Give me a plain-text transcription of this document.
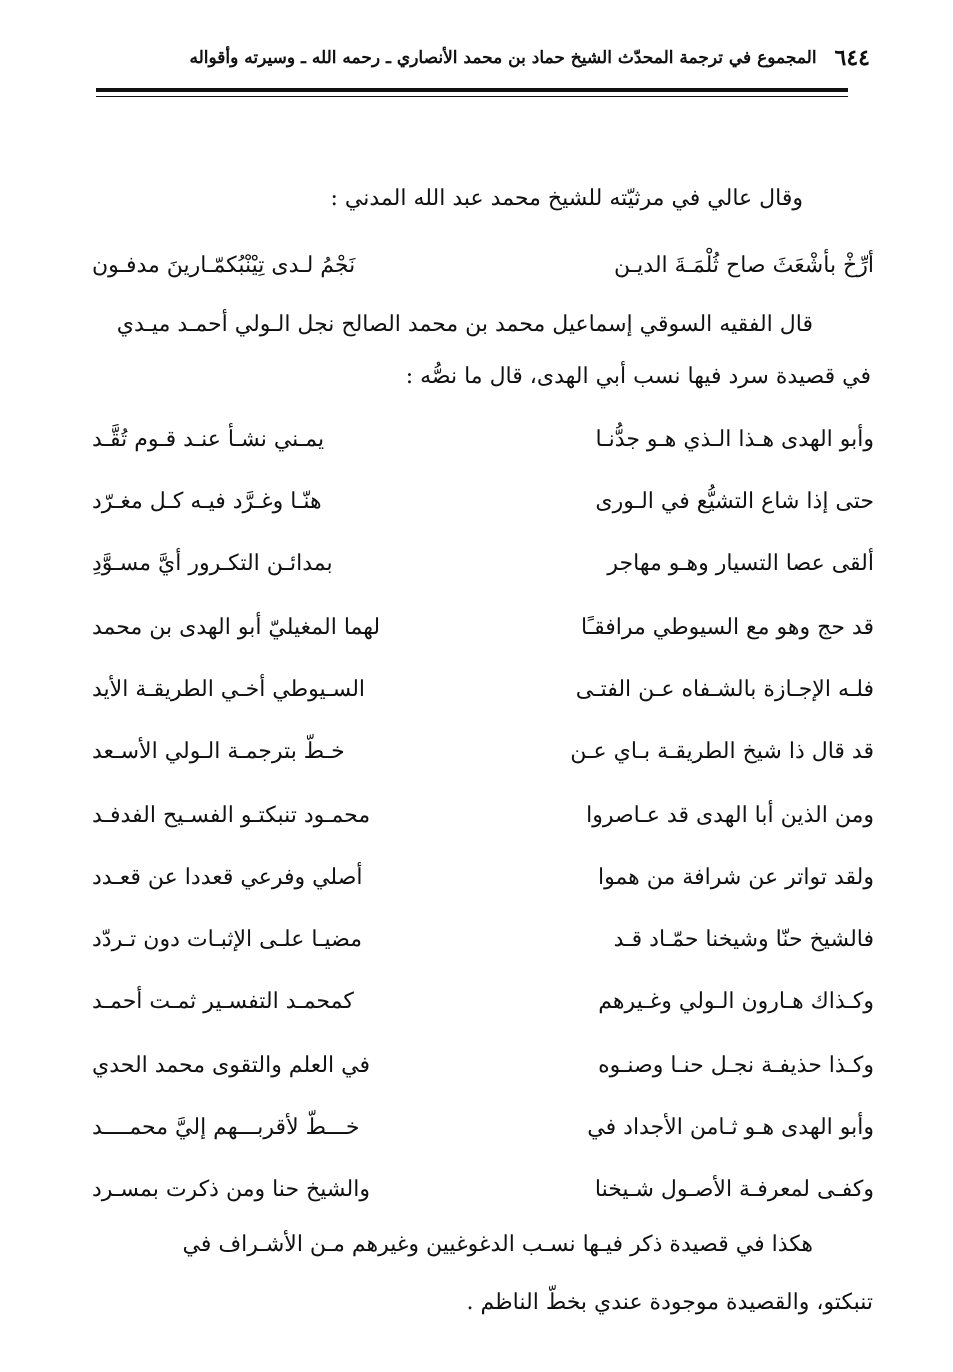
٦٤٤
المجموع في ترجمة المحدّث الشيخ حماد بن محمد الأنصاري ـ رحمه الله ـ وسيرته وأقواله
وقال عالي في مرثيّته للشيخ محمد عبد الله المدني :
أرِّخْ بأشْعَثَ صاح ثُلْمَـةَ الديـن
نَجْمُ لـدى تِيْنْبُكمّـارينَ مدفـون
قال الفقيه السوقي إسماعيل محمد بن محمد الصالح نجل الـولي أحمـد ميـدي
في قصيدة سرد فيها نسب أبي الهدى، قال ما نصُّه :
وأبو الهدى هـذا الـذي هـو جدُّنـا
يمـني نشـأ عنـد قـوم تُقَّـد
حتى إذا شاع التشيُّع في الـورى
هنّـا وغـرَّد فيـه كـل مغـرّد
ألقى عصا التسيار وهـو مهاجر
بمدائـن التكـرور أيَّ مسـوَّدِ
قد حج وهو مع السيوطي مرافقـًا
لهما المغيليّ أبو الهدى بن محمد
فلـه الإجـازة بالشـفاه عـن الفتـى
السـيوطي أخـي الطريقـة الأيد
قد قال ذا شيخ الطريقـة بـاي عـن
خـطّ بترجمـة الـولي الأسـعد
ومن الذين أبا الهدى قد عـاصروا
محمـود تنبكتـو الفسـيح الفدفـد
ولقد تواتر عن شرافة من هموا
أصلي وفرعي قعددا عن قعـدد
فالشيخ حنّا وشيخنا حمّـاد قـد
مضيـا علـى الإثبـات دون تـردّد
وكـذاك هـارون الـولي وغـيرهم
كمحمـد التفسـير ثمـت أحمـد
وكـذا حذيفـة نجـل حنـا وصنـوه
في العلم والتقوى محمد الحدي
وأبو الهدى هـو ثـامن الأجداد في
خـــطّ لأقربـــهم إليَّ محمــــد
وكفـى لمعرفـة الأصـول شـيخنا
والشيخ حنا ومن ذكرت بمسـرد
هكذا في قصيدة ذكر فيـها نسـب الدغوغيين وغيرهم مـن الأشـراف في
تنبكتو، والقصيدة موجودة عندي بخطّ الناظم .
